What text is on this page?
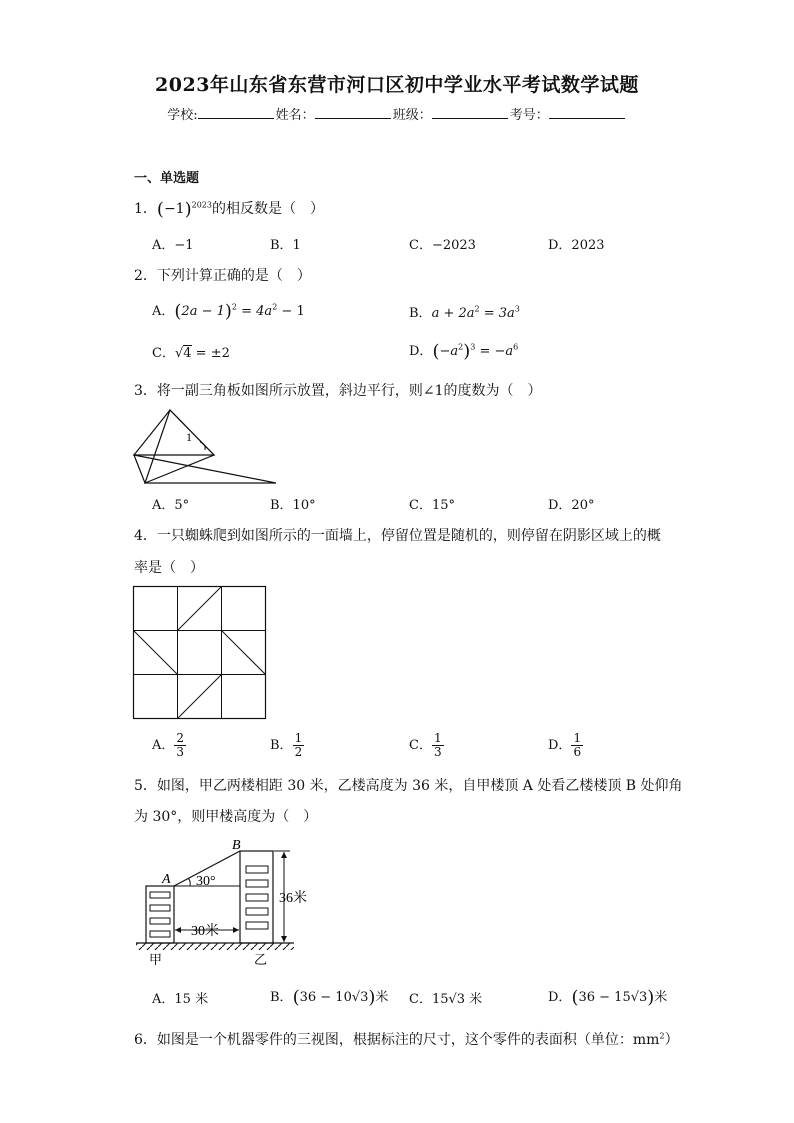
2023年山东省东营市河口区初中学业水平考试数学试题
学校:	姓名：	班级：	考号：
一、单选题
1．$(-1)^{2023}$的相反数是（　）
A．−1	B．1	C．−2023	D．2023
2．下列计算正确的是（　）
A．$(2a - 1)^2 = 4a^2 - 1$	B．$a + 2a^2 = 3a^3$
C．√4 = ±2	D．$(-a^2)^3 = -a^6$
3．将一副三角板如图所示放置，斜边平行，则∠1的度数为（　）
1
A．5°	B．10°	C．15°	D．20°
4．一只蜘蛛爬到如图所示的一面墙上，停留位置是随机的，则停留在阴影区域上的概
率是（　）
A． $\frac{2}{3}$	B． $\frac{1}{2}$	C． $\frac{1}{3}$	D． $\frac{1}{6}$
5．如图，甲乙两楼相距 30 米，乙楼高度为 36 米，自甲楼顶 A 处看乙楼楼顶 B 处仰角
为 30°，则甲楼高度为（　）
A
B
30°
36米
30米
甲	乙
A．15 米	B．(36 − 10√3)米 C．15√3 米	D．(36 − 15√3)米
6．如图是一个机器零件的三视图，根据标注的尺寸，这个零件的表面积（单位：$mm^2$）
